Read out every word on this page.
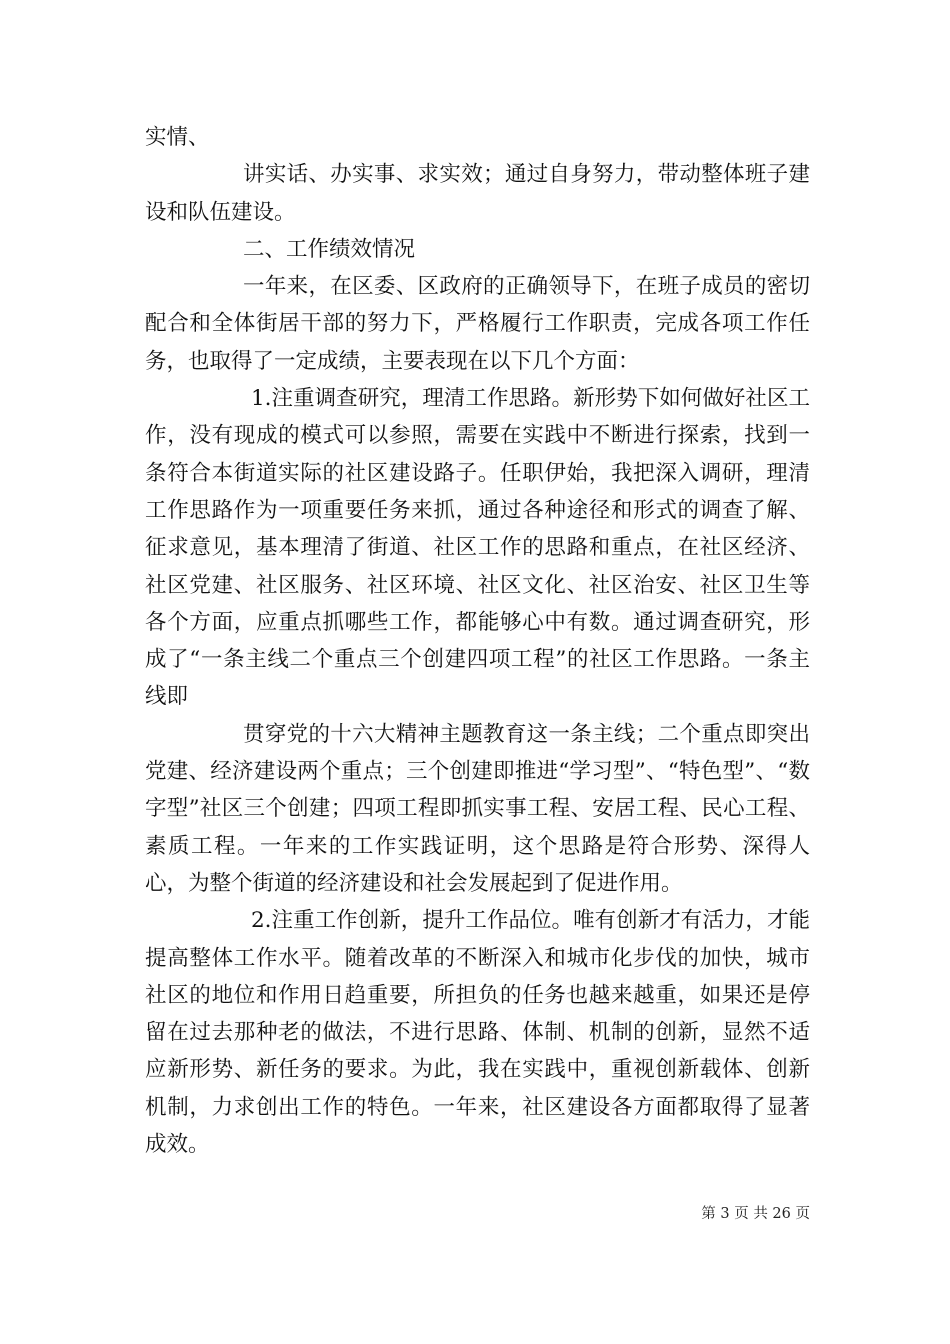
实情、

讲实话、办实事、求实效；通过自身努力，带动整体班子建设和队伍建设。

二、工作绩效情况

一年来，在区委、区政府的正确领导下，在班子成员的密切配合和全体街居干部的努力下，严格履行工作职责，完成各项工作任务，也取得了一定成绩，主要表现在以下几个方面：

1.注重调查研究，理清工作思路。新形势下如何做好社区工作，没有现成的模式可以参照，需要在实践中不断进行探索，找到一条符合本街道实际的社区建设路子。任职伊始，我把深入调研，理清工作思路作为一项重要任务来抓，通过各种途径和形式的调查了解、征求意见，基本理清了街道、社区工作的思路和重点，在社区经济、社区党建、社区服务、社区环境、社区文化、社区治安、社区卫生等各个方面，应重点抓哪些工作，都能够心中有数。通过调查研究，形成了“一条主线二个重点三个创建四项工程”的社区工作思路。一条主线即

贯穿党的十六大精神主题教育这一条主线；二个重点即突出党建、经济建设两个重点；三个创建即推进“学习型”、“特色型”、“数字型”社区三个创建；四项工程即抓实事工程、安居工程、民心工程、素质工程。一年来的工作实践证明，这个思路是符合形势、深得人心，为整个街道的经济建设和社会发展起到了促进作用。

2.注重工作创新，提升工作品位。唯有创新才有活力，才能提高整体工作水平。随着改革的不断深入和城市化步伐的加快，城市社区的地位和作用日趋重要，所担负的任务也越来越重，如果还是停留在过去那种老的做法，不进行思路、体制、机制的创新，显然不适应新形势、新任务的要求。为此，我在实践中，重视创新载体、创新机制，力求创出工作的特色。一年来，社区建设各方面都取得了显著成效。

第 3 页 共 26 页
